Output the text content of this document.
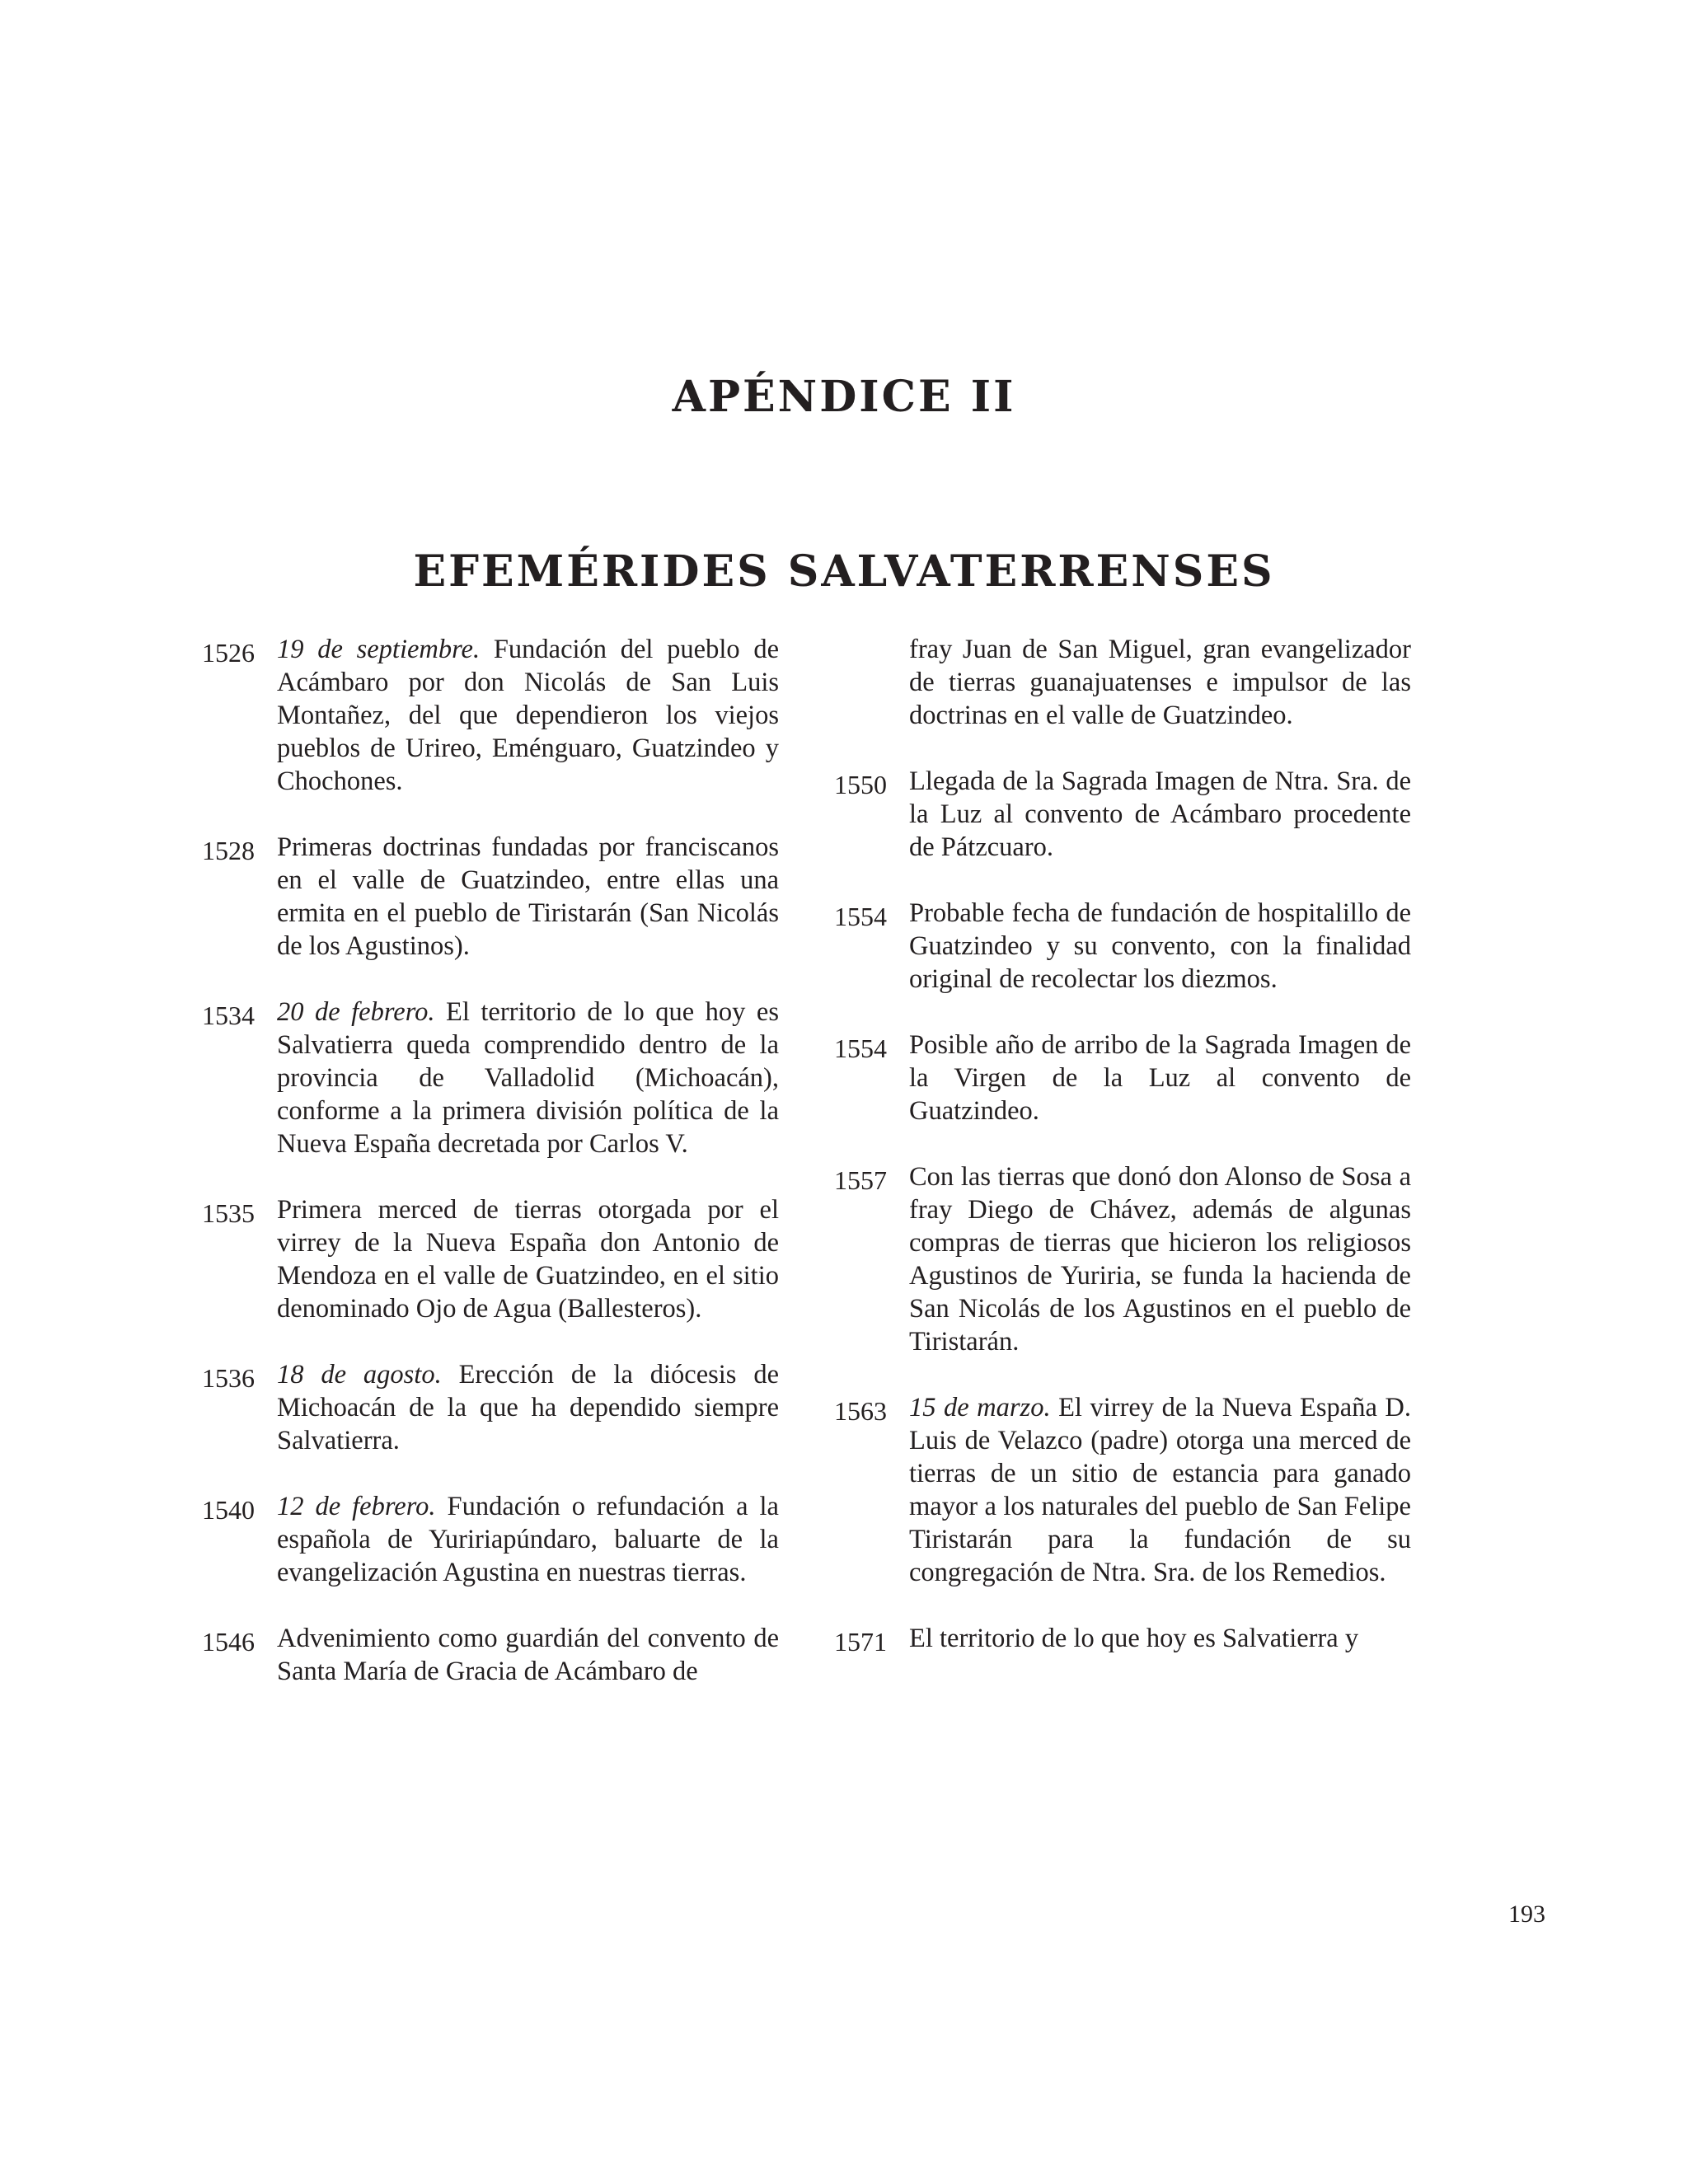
APÉNDICE II
EFEMÉRIDES SALVATERRENSES
1526 19 de septiembre. Fundación del pueblo de Acámbaro por don Nicolás de San Luis Montañez, del que dependieron los viejos pueblos de Urireo, Eménguaro, Guatzindeo y Chochones.

1528 Primeras doctrinas fundadas por franciscanos en el valle de Guatzindeo, entre ellas una ermita en el pueblo de Tiristarán (San Nicolás de los Agustinos).

1534 20 de febrero. El territorio de lo que hoy es Salvatierra queda comprendido dentro de la provincia de Valladolid (Michoacán), conforme a la primera división política de la Nueva España decretada por Carlos V.

1535 Primera merced de tierras otorgada por el virrey de la Nueva España don Antonio de Mendoza en el valle de Guatzindeo, en el sitio denominado Ojo de Agua (Ballesteros).

1536 18 de agosto. Erección de la diócesis de Michoacán de la que ha dependido siempre Salvatierra.

1540 12 de febrero. Fundación o refundación a la española de Yuririapúndaro, baluarte de la evangelización Agustina en nuestras tierras.

1546 Advenimiento como guardián del convento de Santa María de Gracia de Acámbaro de

fray Juan de San Miguel, gran evangelizador de tierras guanajuatenses e impulsor de las doctrinas en el valle de Guatzindeo.

1550 Llegada de la Sagrada Imagen de Ntra. Sra. de la Luz al convento de Acámbaro procedente de Pátzcuaro.

1554 Probable fecha de fundación de hospitalillo de Guatzindeo y su convento, con la finalidad original de recolectar los diezmos.

1554 Posible año de arribo de la Sagrada Imagen de la Virgen de la Luz al convento de Guatzindeo.

1557 Con las tierras que donó don Alonso de Sosa a fray Diego de Chávez, además de algunas compras de tierras que hicieron los religiosos Agustinos de Yuriria, se funda la hacienda de San Nicolás de los Agustinos en el pueblo de Tiristarán.

1563 15 de marzo. El virrey de la Nueva España D. Luis de Velazco (padre) otorga una merced de tierras de un sitio de estancia para ganado mayor a los naturales del pueblo de San Felipe Tiristarán para la fundación de su congregación de Ntra. Sra. de los Remedios.

1571 El territorio de lo que hoy es Salvatierra y

193
